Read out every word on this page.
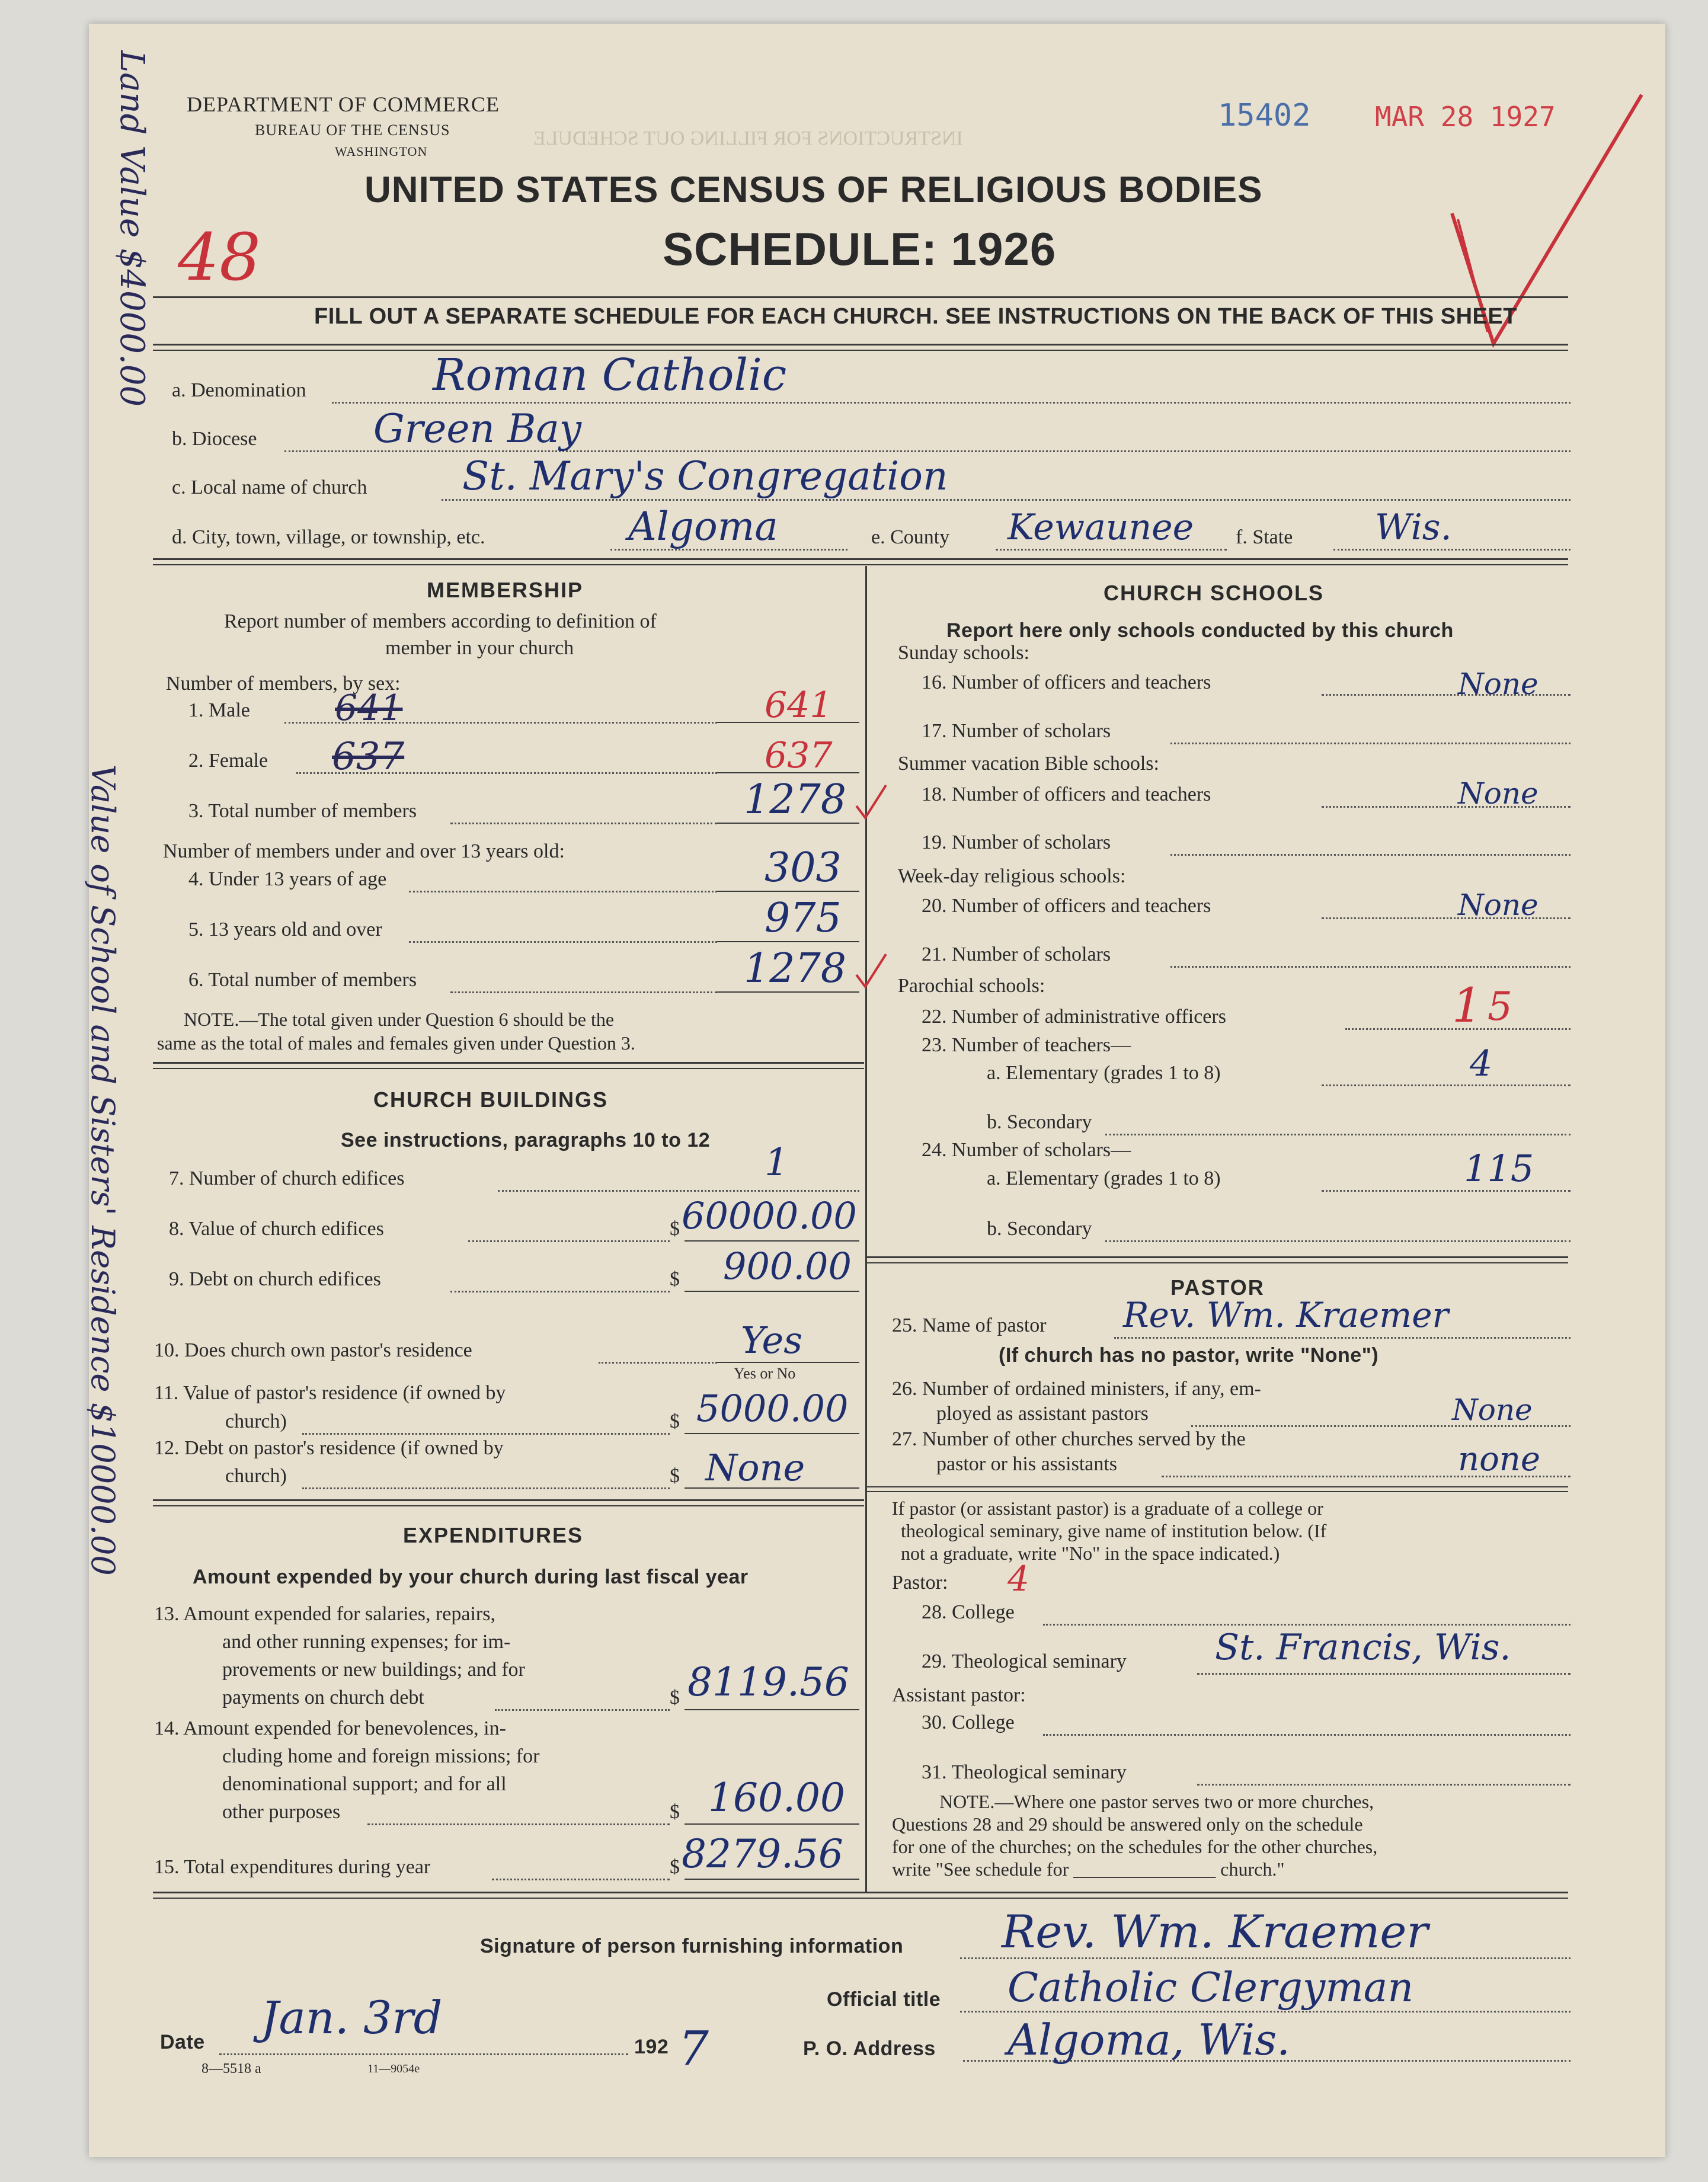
INSTRUCTIONS FOR FILLING OUT SCHEDULE
Land Value $4000.00
Value of School and Sisters' Residence $10000.00
48
DEPARTMENT OF COMMERCE
BUREAU OF THE CENSUS
WASHINGTON
15402 MAR 28 1927
UNITED STATES CENSUS OF RELIGIOUS BODIES
SCHEDULE: 1926
FILL OUT A SEPARATE SCHEDULE FOR EACH CHURCH. SEE INSTRUCTIONS ON THE BACK OF THIS SHEET
a. Denomination	Roman Catholic
b. Diocese	Green Bay
c. Local name of church St. Mary's Congregation
d. City, town, village, or township, etc.	Algoma	e. County Kewaunee f. State Wis.
MEMBERSHIP
Report number of members according to definition of
member in your church
Number of members, by sex:
1. Male 641	641
2. Female 637	637
3. Total number of members	1278
Number of members under and over 13 years old:
4. Under 13 years of age	303
5. 13 years old and over	975
6. Total number of members	1278
NOTE.—The total given under Question 6 should be the
same as the total of males and females given under Question 3.
CHURCH BUILDINGS
See instructions, paragraphs 10 to 12
7. Number of church edifices	1
8. Value of church edifices	$ 60000.00
9. Debt on church edifices	$ 900.00
10. Does church own pastor's residence	Yes
Yes or No
11. Value of pastor's residence (if owned by
church)	$ 5000.00
12. Debt on pastor's residence (if owned by
church)	$ None
EXPENDITURES
Amount expended by your church during last fiscal year
13. Amount expended for salaries, repairs,
and other running expenses; for im-
provements or new buildings; and for
payments on church debt	$ 8119.56
14. Amount expended for benevolences, in-
cluding home and foreign missions; for
denominational support; and for all
other purposes	$ 160.00
15. Total expenditures during year	$ 8279.56
CHURCH SCHOOLS
Report here only schools conducted by this church
Sunday schools:
16. Number of officers and teachers	None
17. Number of scholars
Summer vacation Bible schools:
18. Number of officers and teachers	None
19. Number of scholars
Week-day religious schools:
20. Number of officers and teachers	None
21. Number of scholars
Parochial schools:
22. Number of administrative officers	1 5
23. Number of teachers—
a. Elementary (grades 1 to 8)	4
b. Secondary
24. Number of scholars—
a. Elementary (grades 1 to 8)	115
b. Secondary
PASTOR
25. Name of pastor Rev. Wm. Kraemer
(If church has no pastor, write "None")
26. Number of ordained ministers, if any, em-
ployed as assistant pastors	None
27. Number of other churches served by the
pastor or his assistants	none
If pastor (or assistant pastor) is a graduate of a college or
theological seminary, give name of institution below. (If
not a graduate, write "No" in the space indicated.)
Pastor: 4
28. College
29. Theological seminary St. Francis, Wis.
Assistant pastor:
30. College
31. Theological seminary
NOTE.—Where one pastor serves two or more churches,
Questions 28 and 29 should be answered only on the schedule
for one of the churches; on the schedules for the other churches,
write "See schedule for _______________ church."
Signature of person furnishing information Rev. Wm. Kraemer
Official title Catholic Clergyman
Date Jan. 3rd
192 7	P. O. Address Algoma, Wis.
8—5518 a	11—9054e
